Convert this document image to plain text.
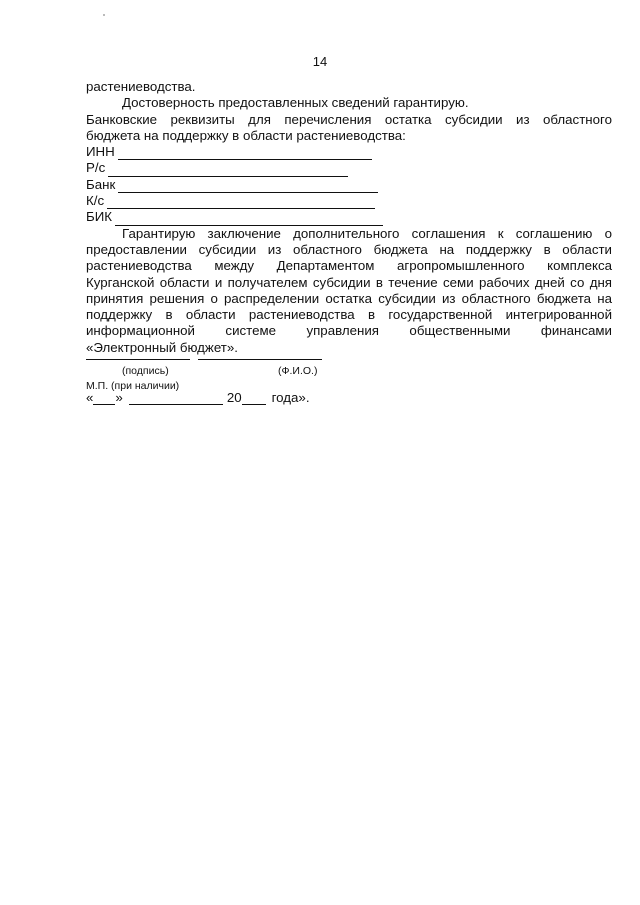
14
растениеводства.
Достоверность предоставленных сведений гарантирую.
Банковские реквизиты для перечисления остатка субсидии из областного
бюджета на поддержку в области растениеводства:
ИНН
Р/с
Банк
К/с
БИК
Гарантирую заключение дополнительного соглашения к соглашению о
предоставлении субсидии из областного бюджета на поддержку в области
растениеводства между Департаментом агропромышленного комплекса
Курганской области и получателем субсидии в течение семи рабочих дней со дня
принятия решения о распределении остатка субсидии из областного бюджета на
поддержку в области растениеводства в государственной интегрированной
информационной системе управления общественными финансами
«Электронный бюджет».
(подпись)	(Ф.И.О.)
М.П. (при наличии)
« »	20 года».
